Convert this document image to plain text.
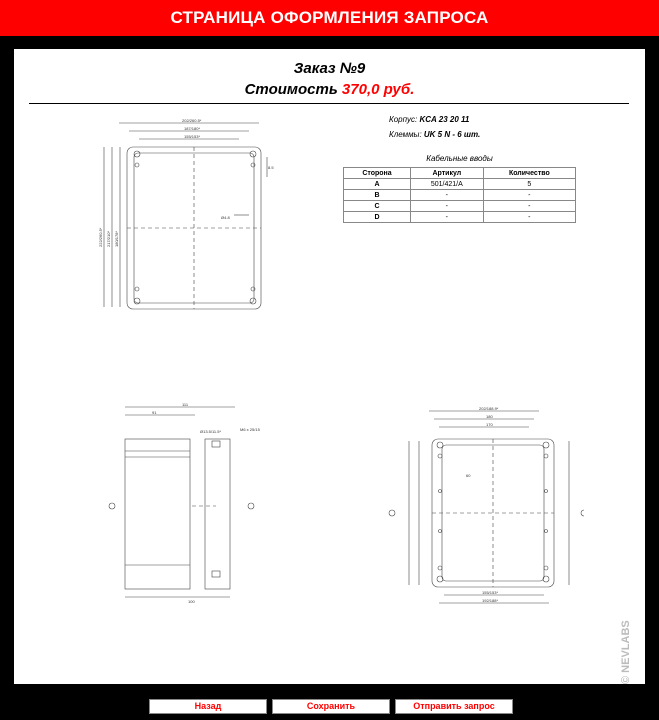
СТРАНИЦА ОФОРМЛЕНИЯ ЗАПРОСА
Заказ №9
Стоимость 370,0 руб.
Корпус: KCA 23 20 11
Клеммы: UK 5 N - 6 шт.
Кабельные вводы
Сторона	Артикул	Количество
A	501/421/A	5
B	-	-
C	-	-
D	-	-
202/260.5*
187/180*
155/153*
Ø4.8
8.5
222/260.5* 217/210* 180/178*
111
91
M6 x 25/15
Ø13.5/11.5*
100
202/188.9*
180
170
60
155/153*
192/188*
© NEVLABS
Назад	Сохранить	Отправить запрос
